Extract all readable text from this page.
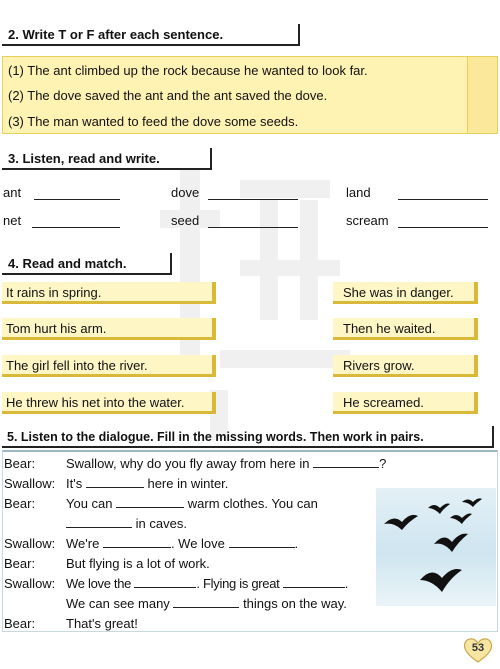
2. Write T or F after each sentence.
(1) The ant climbed up the rock because he wanted to look far.
(2) The dove saved the ant and the ant saved the dove.
(3) The man wanted to feed the dove some seeds.
3. Listen, read and write.
ant	dove	land
net	seed	scream
4. Read and match.
It rains in spring.
Tom hurt his arm.
The girl fell into the river.
He threw his net into the water.
She was in danger.
Then he waited.
Rivers grow.
He screamed.
5. Listen to the dialogue. Fill in the missing words. Then work in pairs.
Bear: Swallow, why do you fly away from here in	?
Swallow: It's	here in winter.
Bear: You can	warm clothes. You can
in caves.
Swallow: We're	. We love	.
Bear: But flying is a lot of work.
Swallow: We love the	. Flying is great	.
We can see many	things on the way.
Bear: That's great!
53
